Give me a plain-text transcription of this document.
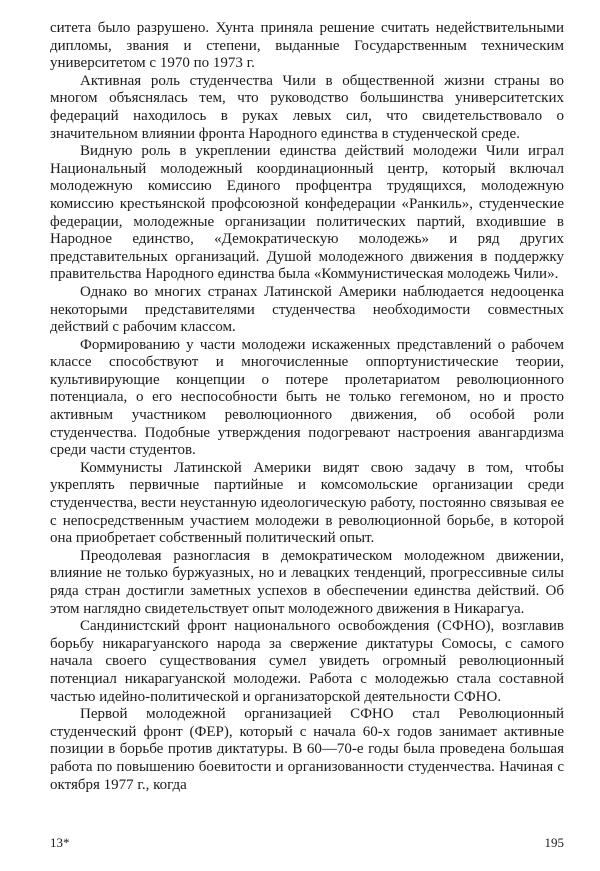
ситета было разрушено. Хунта приняла решение считать недействительными дипломы, звания и степени, выданные Государственным техническим университетом с 1970 по 1973 г.

Активная роль студенчества Чили в общественной жизни страны во многом объяснялась тем, что руководство большинства университетских федераций находилось в руках левых сил, что свидетельствовало о значительном влиянии фронта Народного единства в студенческой среде.

Видную роль в укреплении единства действий молодежи Чили играл Национальный молодежный координационный центр, который включал молодежную комиссию Единого профцентра трудящихся, молодежную комиссию крестьянской профсоюзной конфедерации «Ранкиль», студенческие федерации, молодежные организации политических партий, входившие в Народное единство, «Демократическую молодежь» и ряд других представительных организаций. Душой молодежного движения в поддержку правительства Народного единства была «Коммунистическая молодежь Чили».

Однако во многих странах Латинской Америки наблюдается недооценка некоторыми представителями студенчества необходимости совместных действий с рабочим классом.

Формированию у части молодежи искаженных представлений о рабочем классе способствуют и многочисленные оппортунистические теории, культивирующие концепции о потере пролетариатом революционного потенциала, о его неспособности быть не только гегемоном, но и просто активным участником революционного движения, об особой роли студенчества. Подобные утверждения подогревают настроения авангардизма среди части студентов.

Коммунисты Латинской Америки видят свою задачу в том, чтобы укреплять первичные партийные и комсомольские организации среди студенчества, вести неустанную идеологическую работу, постоянно связывая ее с непосредственным участием молодежи в революционной борьбе, в которой она приобретает собственный политический опыт.

Преодолевая разногласия в демократическом молодежном движении, влияние не только буржуазных, но и левацких тенденций, прогрессивные силы ряда стран достигли заметных успехов в обеспечении единства действий. Об этом наглядно свидетельствует опыт молодежного движения в Никарагуа.

Сандинистский фронт национального освобождения (СФНО), возглавив борьбу никарагуанского народа за свержение диктатуры Сомосы, с самого начала своего существования сумел увидеть огромный революционный потенциал никарагуанской молодежи. Работа с молодежью стала составной частью идейно-политической и организаторской деятельности СФНО.

Первой молодежной организацией СФНО стал Революционный студенческий фронт (ФЕР), который с начала 60-х годов занимает активные позиции в борьбе против диктатуры. В 60—70-е годы была проведена большая работа по повышению боевитости и организованности студенчества. Начиная с октября 1977 г., когда

13*	195
